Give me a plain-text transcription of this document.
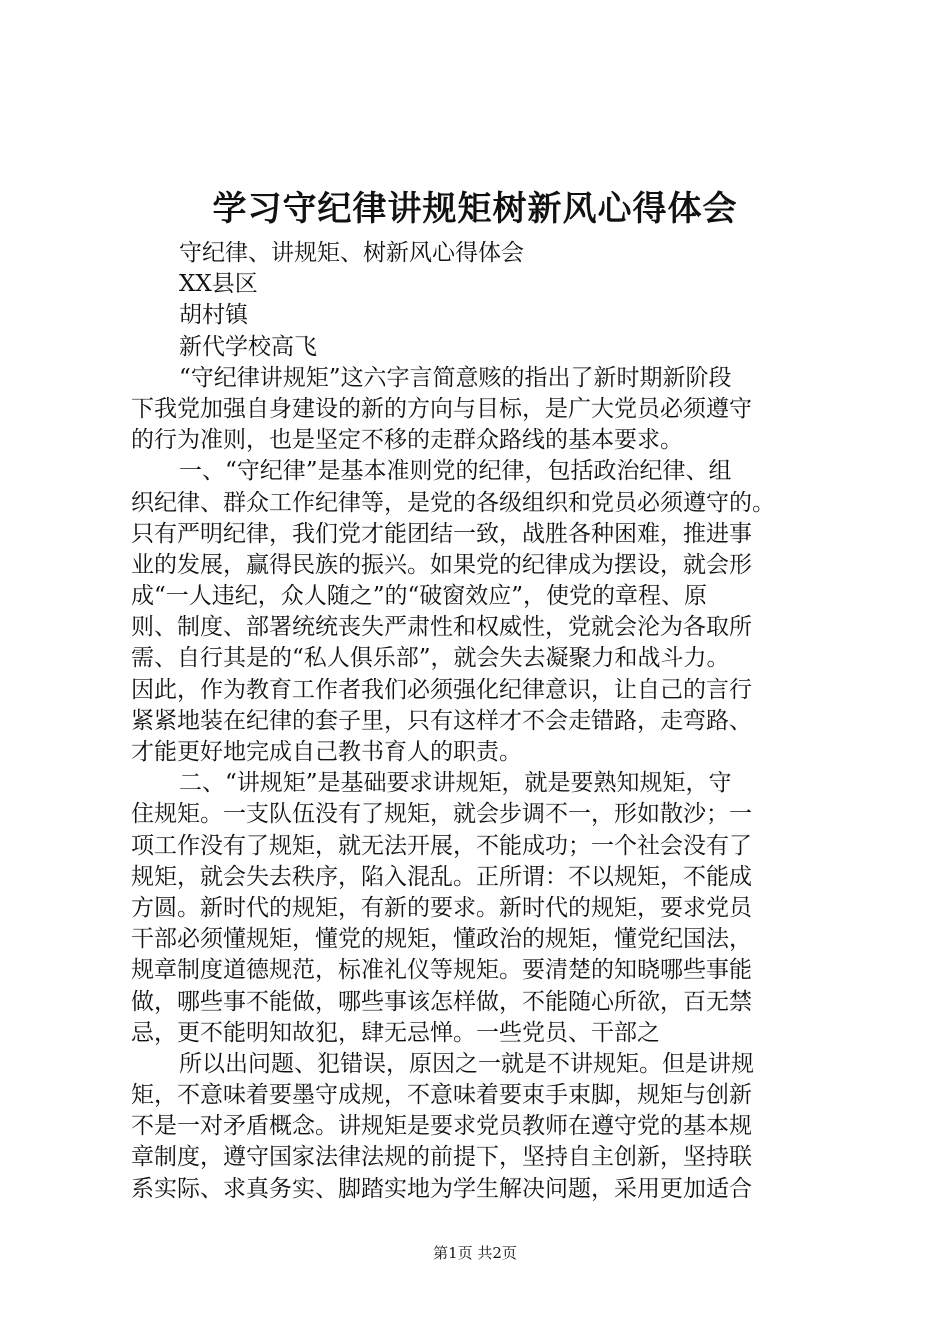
学习守纪律讲规矩树新风心得体会
守纪律、讲规矩、树新风心得体会
XX县区
胡村镇
新代学校高飞
“守纪律讲规矩”这六字言简意赅的指出了新时期新阶段
下我党加强自身建设的新的方向与目标，是广大党员必须遵守
的行为准则，也是坚定不移的走群众路线的基本要求。
一、“守纪律”是基本准则党的纪律，包括政治纪律、组
织纪律、群众工作纪律等，是党的各级组织和党员必须遵守的。
只有严明纪律，我们党才能团结一致，战胜各种困难，推进事
业的发展，赢得民族的振兴。如果党的纪律成为摆设，就会形
成“一人违纪，众人随之”的“破窗效应”，使党的章程、原
则、制度、部署统统丧失严肃性和权威性，党就会沦为各取所
需、自行其是的“私人俱乐部”，就会失去凝聚力和战斗力。
因此，作为教育工作者我们必须强化纪律意识，让自己的言行
紧紧地装在纪律的套子里，只有这样才不会走错路，走弯路、
才能更好地完成自己教书育人的职责。
二、“讲规矩”是基础要求讲规矩，就是要熟知规矩，守
住规矩。一支队伍没有了规矩，就会步调不一，形如散沙；一
项工作没有了规矩，就无法开展，不能成功；一个社会没有了
规矩，就会失去秩序，陷入混乱。正所谓：不以规矩，不能成
方圆。新时代的规矩，有新的要求。新时代的规矩，要求党员
干部必须懂规矩，懂党的规矩，懂政治的规矩，懂党纪国法，
规章制度道德规范，标准礼仪等规矩。要清楚的知晓哪些事能
做，哪些事不能做，哪些事该怎样做，不能随心所欲，百无禁
忌，更不能明知故犯，肆无忌惮。一些党员、干部之
所以出问题、犯错误，原因之一就是不讲规矩。但是讲规
矩，不意味着要墨守成规，不意味着要束手束脚，规矩与创新
不是一对矛盾概念。讲规矩是要求党员教师在遵守党的基本规
章制度，遵守国家法律法规的前提下，坚持自主创新，坚持联
系实际、求真务实、脚踏实地为学生解决问题，采用更加适合
第1页 共2页
